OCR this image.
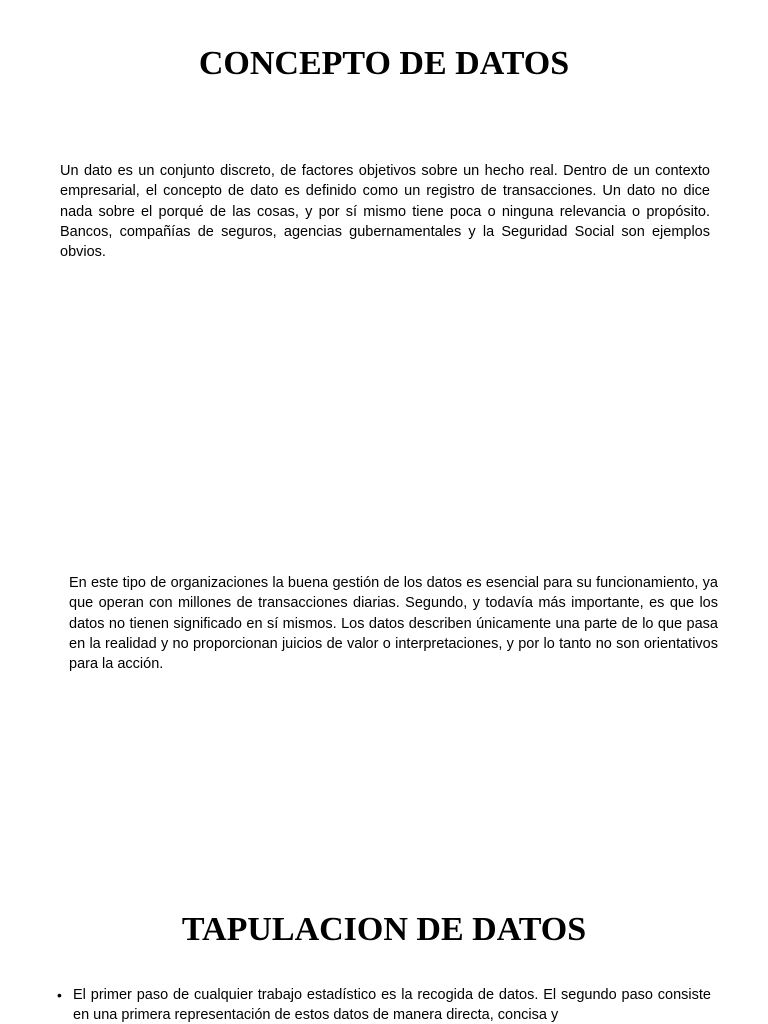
CONCEPTO DE DATOS

Un dato es un conjunto discreto, de factores objetivos sobre un hecho real. Dentro de un contexto empresarial, el concepto de dato es definido como un registro de transacciones. Un dato no dice nada sobre el porqué de las cosas, y por sí mismo tiene poca o ninguna relevancia o propósito. Bancos, compañías de seguros, agencias gubernamentales y la Seguridad Social son ejemplos obvios.

En este tipo de organizaciones la buena gestión de los datos es esencial para su funcionamiento, ya que operan con millones de transacciones diarias. Segundo, y todavía más importante, es que los datos no tienen significado en sí mismos. Los datos describen únicamente una parte de lo que pasa en la realidad y no proporcionan juicios de valor o interpretaciones, y por lo tanto no son orientativos para la acción.

TAPULACION DE DATOS
• El primer paso de cualquier trabajo estadístico es la recogida de datos. El segundo paso consiste en una primera representación de estos datos de manera directa, concisa y
